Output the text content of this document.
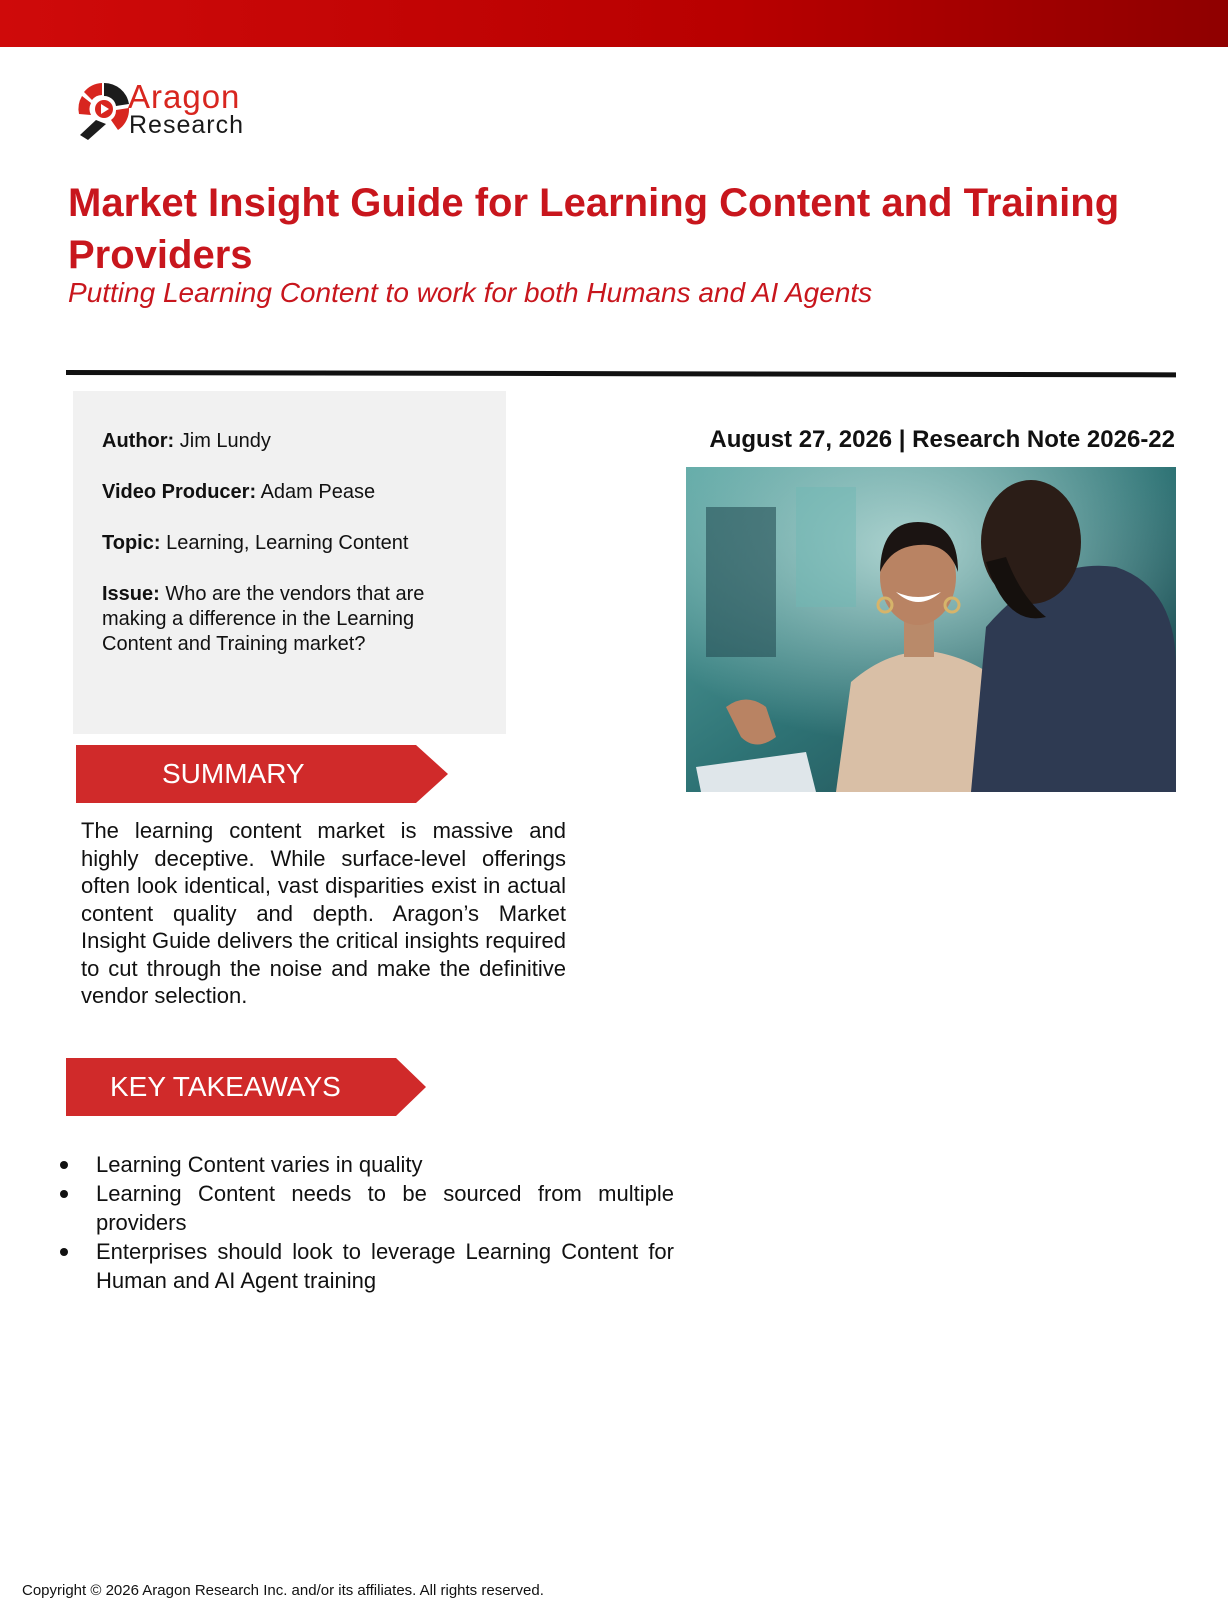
Aragon
Research
Market Insight Guide for Learning Content and Training Providers
Putting Learning Content to work for both Humans and AI Agents
Author: Jim Lundy
Video Producer: Adam Pease
Topic: Learning, Learning Content
Issue: Who are the vendors that are making a difference in the Learning Content and Training market?
August 27, 2026 | Research Note 2026-22
SUMMARY

The learning content market is massive and highly deceptive. While surface-level offerings often look identical, vast disparities exist in actual content quality and depth. Aragon’s Market Insight Guide delivers the critical insights required to cut through the noise and make the definitive vendor selection.

KEY TAKEAWAYS
Learning Content varies in quality
Learning Content needs to be sourced from multiple providers
Enterprises should look to leverage Learning Content for Human and AI Agent training
Copyright © 2026 Aragon Research Inc. and/or its affiliates. All rights reserved.
